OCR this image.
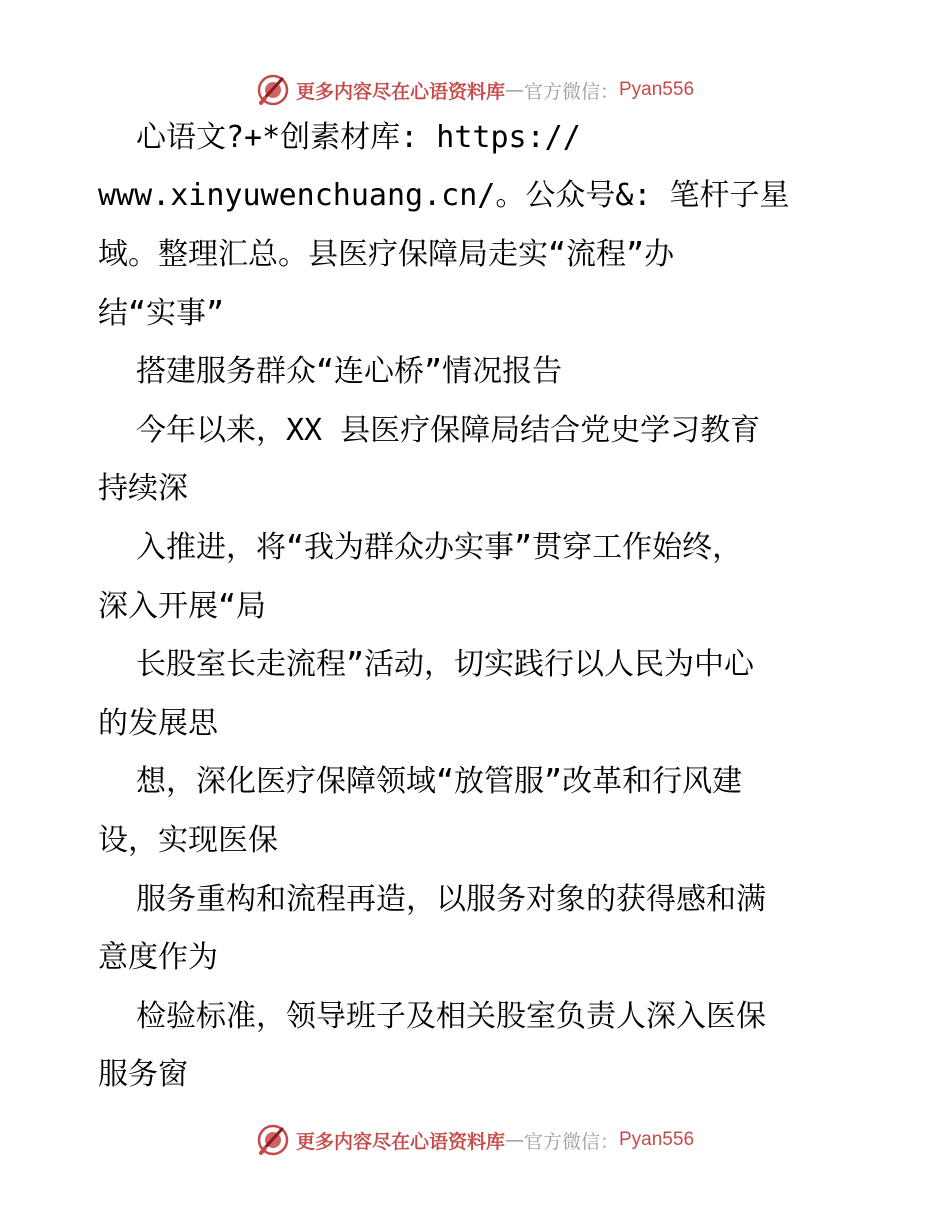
更多内容尽在心语资料库 — 官方微信： Pyan556
心语文?+*创素材库: https://
www.xinyuwenchuang.cn/。公众号&: 笔杆子星
域。整理汇总。县医疗保障局走实“流程”办
结“实事”
搭建服务群众“连心桥”情况报告
今年以来，XX 县医疗保障局结合党史学习教育
持续深
入推进，将“我为群众办实事”贯穿工作始终，
深入开展“局
长股室长走流程”活动，切实践行以人民为中心
的发展思
想，深化医疗保障领域“放管服”改革和行风建
设，实现医保
服务重构和流程再造，以服务对象的获得感和满
意度作为
检验标准，领导班子及相关股室负责人深入医保
服务窗
更多内容尽在心语资料库 — 官方微信： Pyan556
